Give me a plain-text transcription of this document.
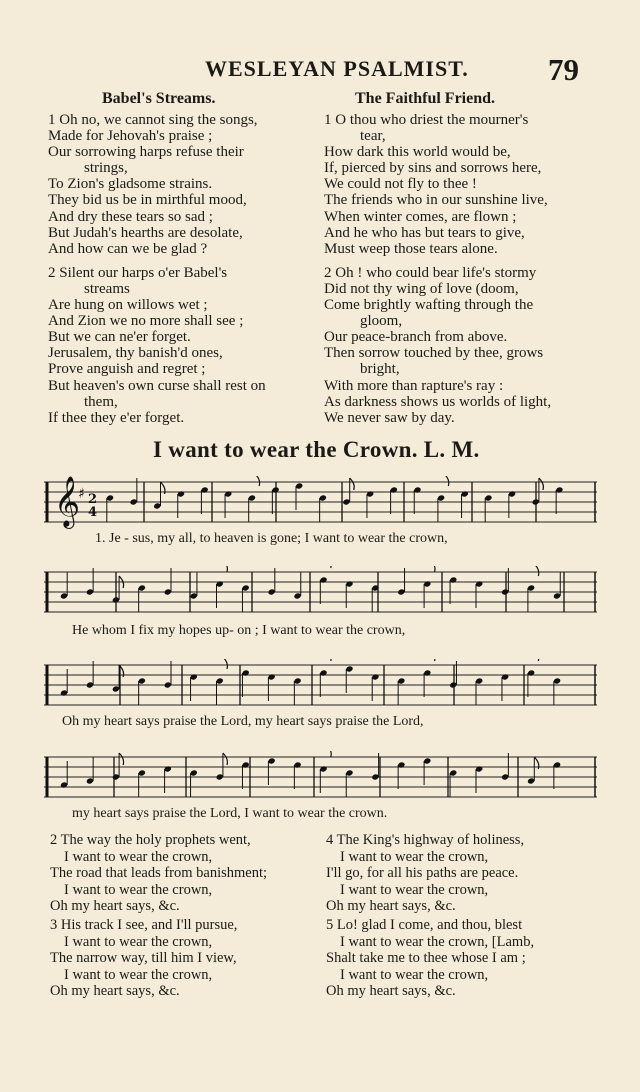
WESLEYAN PSALMIST.	79
Babel's Streams.	The Faithful Friend.
1 Oh no, we cannot sing the songs,
Made for Jehovah's praise ;
Our sorrowing harps refuse their
strings,
To Zion's gladsome strains.
They bid us be in mirthful mood,
And dry these tears so sad ;
But Judah's hearths are desolate,
And how can we be glad ?
2 Silent our harps o'er Babel's
streams
Are hung on willows wet ;
And Zion we no more shall see ;
But we can ne'er forget.
Jerusalem, thy banish'd ones,
Prove anguish and regret ;
But heaven's own curse shall rest on
them,
If thee they e'er forget.
1 O thou who driest the mourner's
tear,
How dark this world would be,
If, pierced by sins and sorrows here,
We could not fly to thee !
The friends who in our sunshine live,
When winter comes, are flown ;
And he who has but tears to give,
Must weep those tears alone.
2 Oh ! who could bear life's stormy
Did not thy wing of love (doom,
Come brightly wafting through the
gloom,
Our peace-branch from above.
Then sorrow touched by thee, grows
bright,
With more than rapture's ray :
As darkness shows us worlds of light,
We never saw by day.
I want to wear the Crown. L. M.
𝄞
♯ 2
4
1. Je - sus, my all, to heaven is gone; I want to wear the crown,
He whom I fix my hopes up- on ; I want to wear the crown,
Oh my heart says praise the Lord, my heart says praise the Lord,
my heart says praise the Lord, I want to wear the crown.
2 The way the holy prophets went,
I want to wear the crown,
The road that leads from banishment;
I want to wear the crown,
Oh my heart says, &c.
3 His track I see, and I'll pursue,
I want to wear the crown,
The narrow way, till him I view,
I want to wear the crown,
Oh my heart says, &c.
4 The King's highway of holiness,
I want to wear the crown,
I'll go, for all his paths are peace.
I want to wear the crown,
Oh my heart says, &c.
5 Lo! glad I come, and thou, blest
I want to wear the crown, [Lamb,
Shalt take me to thee whose I am ;
I want to wear the crown,
Oh my heart says, &c.
